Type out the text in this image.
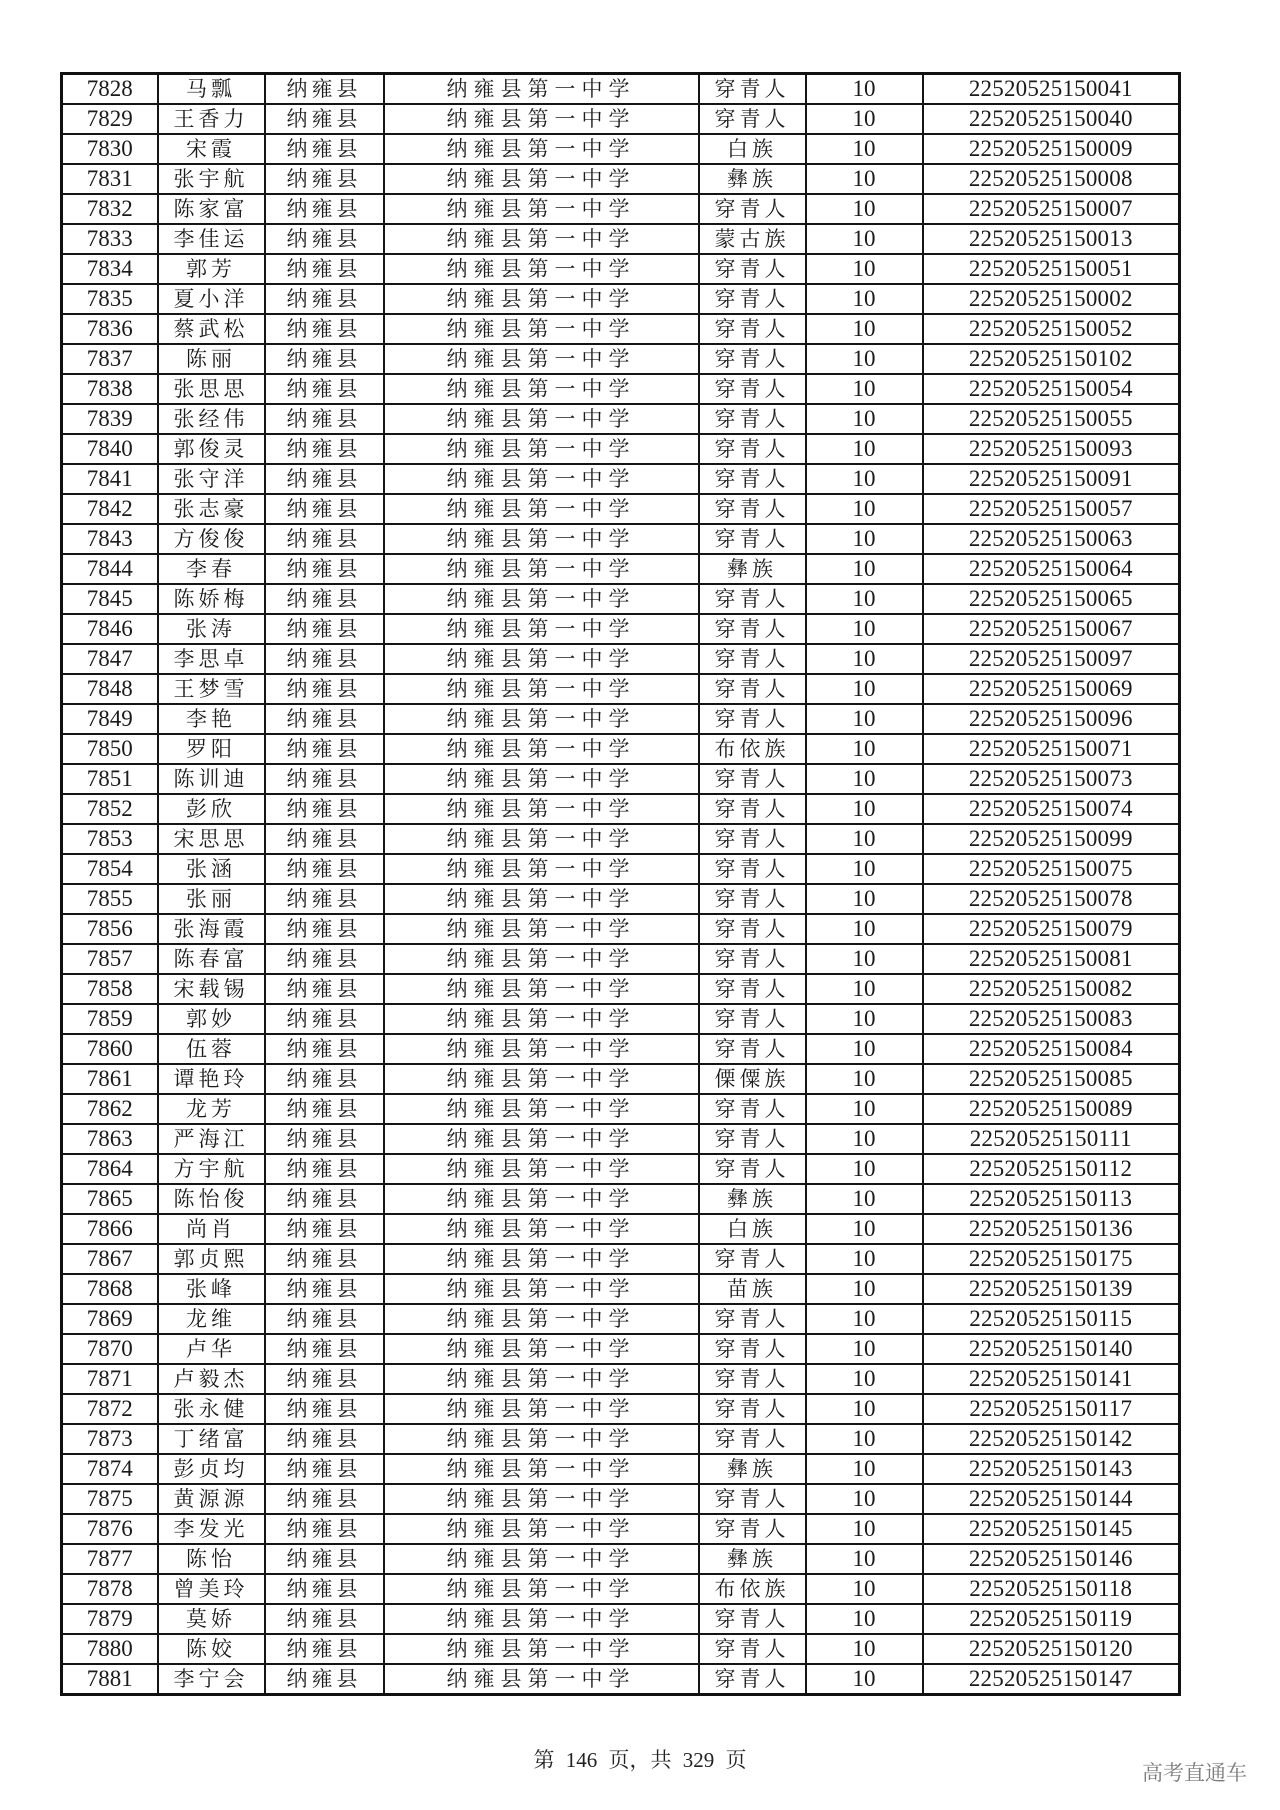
7828	马瓢	纳雍县	纳雍县第一中学	穿青人	10	22520525150041
7829	王香力	纳雍县	纳雍县第一中学	穿青人	10	22520525150040
7830	宋霞	纳雍县	纳雍县第一中学	白族	10	22520525150009
7831	张宇航	纳雍县	纳雍县第一中学	彝族	10	22520525150008
7832	陈家富	纳雍县	纳雍县第一中学	穿青人	10	22520525150007
7833	李佳运	纳雍县	纳雍县第一中学	蒙古族	10	22520525150013
7834	郭芳	纳雍县	纳雍县第一中学	穿青人	10	22520525150051
7835	夏小洋	纳雍县	纳雍县第一中学	穿青人	10	22520525150002
7836	蔡武松	纳雍县	纳雍县第一中学	穿青人	10	22520525150052
7837	陈丽	纳雍县	纳雍县第一中学	穿青人	10	22520525150102
7838	张思思	纳雍县	纳雍县第一中学	穿青人	10	22520525150054
7839	张经伟	纳雍县	纳雍县第一中学	穿青人	10	22520525150055
7840	郭俊灵	纳雍县	纳雍县第一中学	穿青人	10	22520525150093
7841	张守洋	纳雍县	纳雍县第一中学	穿青人	10	22520525150091
7842	张志豪	纳雍县	纳雍县第一中学	穿青人	10	22520525150057
7843	方俊俊	纳雍县	纳雍县第一中学	穿青人	10	22520525150063
7844	李春	纳雍县	纳雍县第一中学	彝族	10	22520525150064
7845	陈娇梅	纳雍县	纳雍县第一中学	穿青人	10	22520525150065
7846	张涛	纳雍县	纳雍县第一中学	穿青人	10	22520525150067
7847	李思卓	纳雍县	纳雍县第一中学	穿青人	10	22520525150097
7848	王梦雪	纳雍县	纳雍县第一中学	穿青人	10	22520525150069
7849	李艳	纳雍县	纳雍县第一中学	穿青人	10	22520525150096
7850	罗阳	纳雍县	纳雍县第一中学	布依族	10	22520525150071
7851	陈训迪	纳雍县	纳雍县第一中学	穿青人	10	22520525150073
7852	彭欣	纳雍县	纳雍县第一中学	穿青人	10	22520525150074
7853	宋思思	纳雍县	纳雍县第一中学	穿青人	10	22520525150099
7854	张涵	纳雍县	纳雍县第一中学	穿青人	10	22520525150075
7855	张丽	纳雍县	纳雍县第一中学	穿青人	10	22520525150078
7856	张海霞	纳雍县	纳雍县第一中学	穿青人	10	22520525150079
7857	陈春富	纳雍县	纳雍县第一中学	穿青人	10	22520525150081
7858	宋载锡	纳雍县	纳雍县第一中学	穿青人	10	22520525150082
7859	郭妙	纳雍县	纳雍县第一中学	穿青人	10	22520525150083
7860	伍蓉	纳雍县	纳雍县第一中学	穿青人	10	22520525150084
7861	谭艳玲	纳雍县	纳雍县第一中学	傈僳族	10	22520525150085
7862	龙芳	纳雍县	纳雍县第一中学	穿青人	10	22520525150089
7863	严海江	纳雍县	纳雍县第一中学	穿青人	10	22520525150111
7864	方宇航	纳雍县	纳雍县第一中学	穿青人	10	22520525150112
7865	陈怡俊	纳雍县	纳雍县第一中学	彝族	10	22520525150113
7866	尚肖	纳雍县	纳雍县第一中学	白族	10	22520525150136
7867	郭贞熙	纳雍县	纳雍县第一中学	穿青人	10	22520525150175
7868	张峰	纳雍县	纳雍县第一中学	苗族	10	22520525150139
7869	龙维	纳雍县	纳雍县第一中学	穿青人	10	22520525150115
7870	卢华	纳雍县	纳雍县第一中学	穿青人	10	22520525150140
7871	卢毅杰	纳雍县	纳雍县第一中学	穿青人	10	22520525150141
7872	张永健	纳雍县	纳雍县第一中学	穿青人	10	22520525150117
7873	丁绪富	纳雍县	纳雍县第一中学	穿青人	10	22520525150142
7874	彭贞均	纳雍县	纳雍县第一中学	彝族	10	22520525150143
7875	黄源源	纳雍县	纳雍县第一中学	穿青人	10	22520525150144
7876	李发光	纳雍县	纳雍县第一中学	穿青人	10	22520525150145
7877	陈怡	纳雍县	纳雍县第一中学	彝族	10	22520525150146
7878	曾美玲	纳雍县	纳雍县第一中学	布依族	10	22520525150118
7879	莫娇	纳雍县	纳雍县第一中学	穿青人	10	22520525150119
7880	陈姣	纳雍县	纳雍县第一中学	穿青人	10	22520525150120
7881	李宁会	纳雍县	纳雍县第一中学	穿青人	10	22520525150147
第 146 页，共 329 页
高考直通车
